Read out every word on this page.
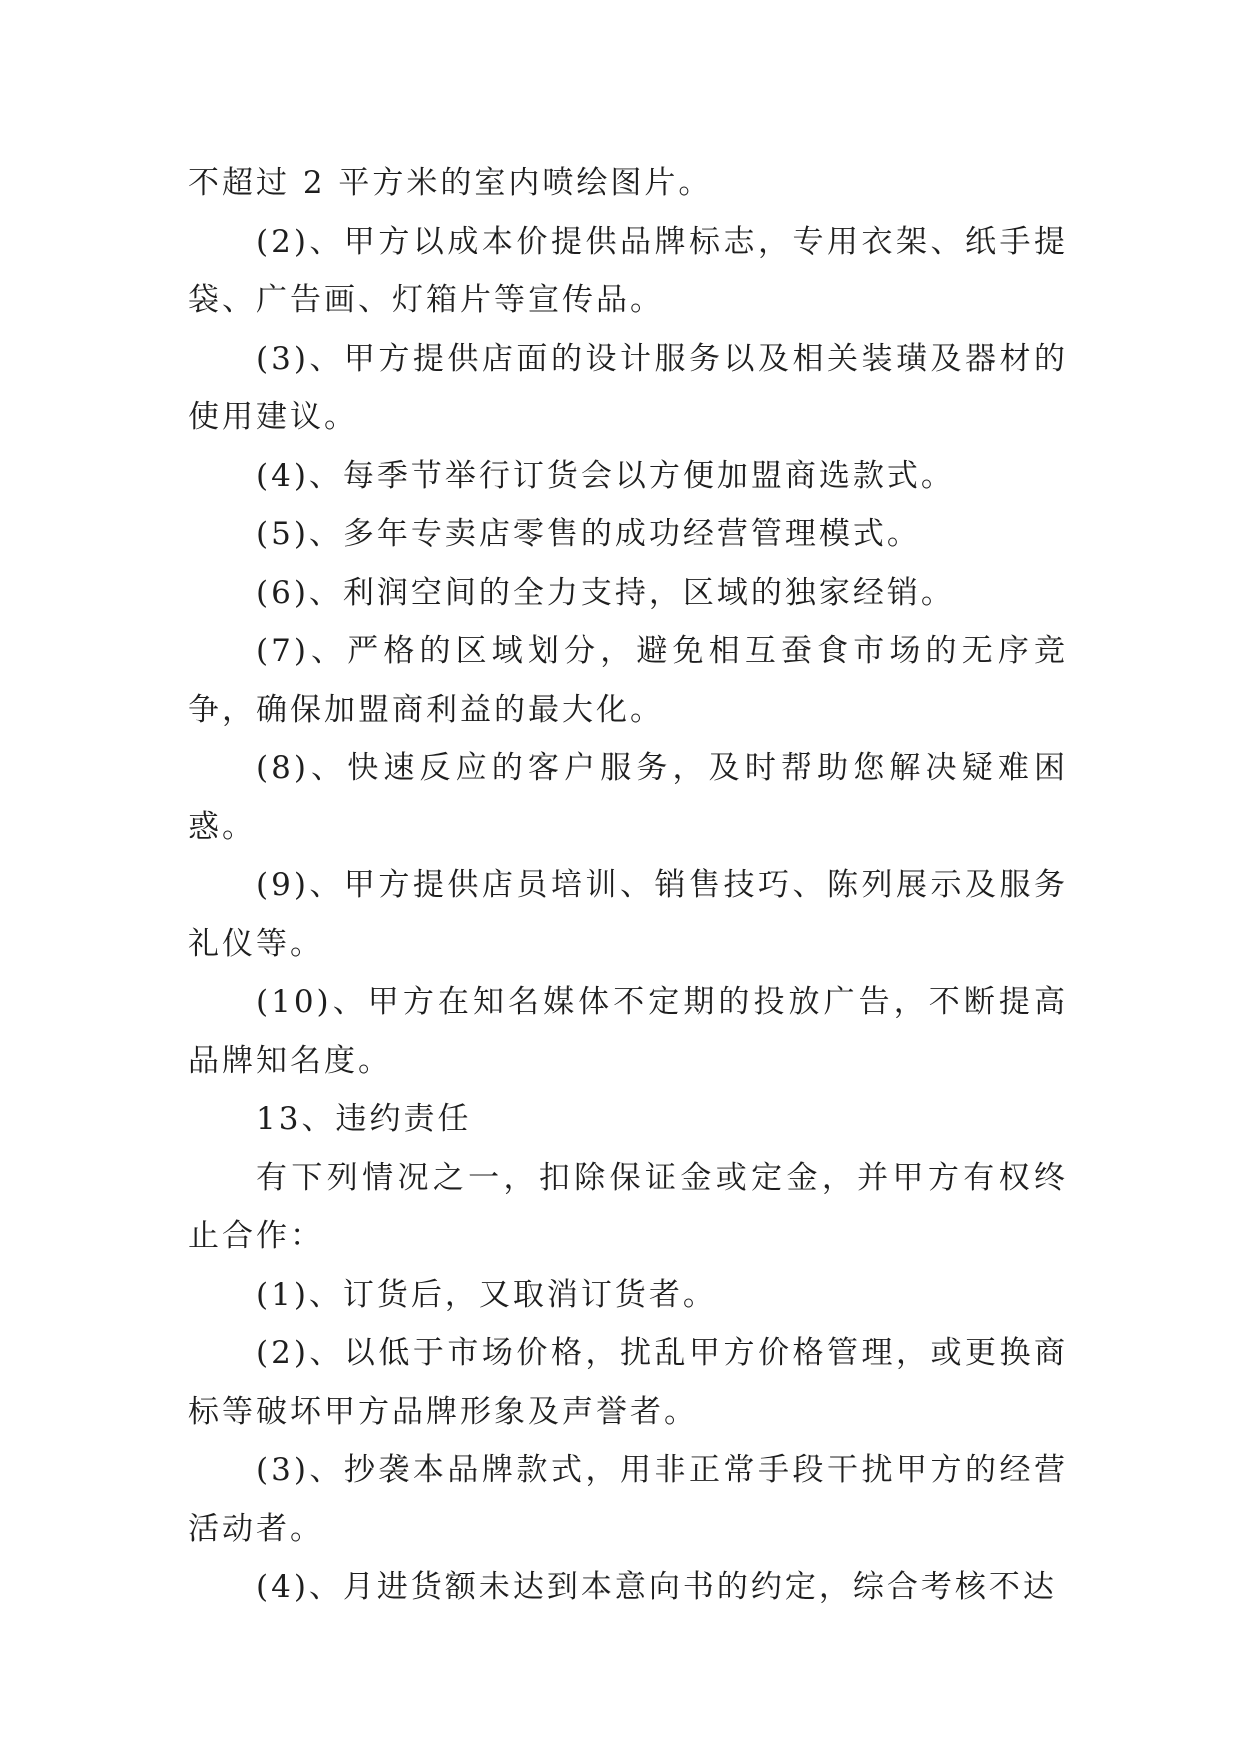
不超过 2 平方米的室内喷绘图片。

(2)、甲方以成本价提供品牌标志，专用衣架、纸手提袋、广告画、灯箱片等宣传品。

(3)、甲方提供店面的设计服务以及相关装璜及器材的使用建议。

(4)、每季节举行订货会以方便加盟商选款式。

(5)、多年专卖店零售的成功经营管理模式。

(6)、利润空间的全力支持，区域的独家经销。

(7)、严格的区域划分，避免相互蚕食市场的无序竞争，确保加盟商利益的最大化。

(8)、快速反应的客户服务，及时帮助您解决疑难困惑。

(9)、甲方提供店员培训、销售技巧、陈列展示及服务礼仪等。

(10)、甲方在知名媒体不定期的投放广告，不断提高品牌知名度。

13、违约责任

有下列情况之一，扣除保证金或定金，并甲方有权终止合作：

(1)、订货后，又取消订货者。

(2)、以低于市场价格，扰乱甲方价格管理，或更换商标等破坏甲方品牌形象及声誉者。

(3)、抄袭本品牌款式，用非正常手段干扰甲方的经营活动者。

(4)、月进货额未达到本意向书的约定，综合考核不达
